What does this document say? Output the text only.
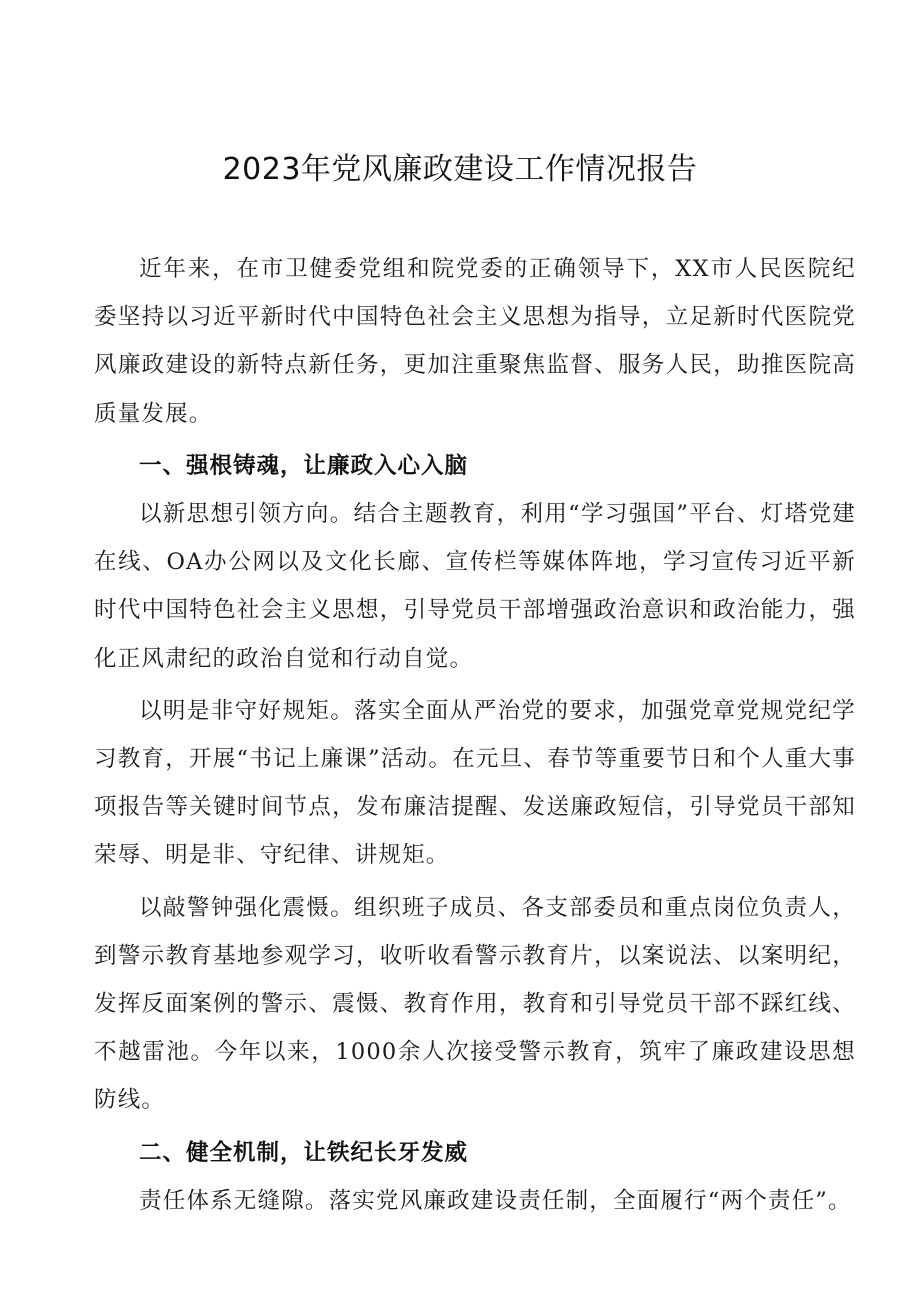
2023年党风廉政建设工作情况报告

近年来，在市卫健委党组和院党委的正确领导下，XX市人民医院纪委坚持以习近平新时代中国特色社会主义思想为指导，立足新时代医院党风廉政建设的新特点新任务，更加注重聚焦监督、服务人民，助推医院高质量发展。

一、强根铸魂，让廉政入心入脑

以新思想引领方向。结合主题教育，利用“学习强国”平台、灯塔党建在线、OA办公网以及文化长廊、宣传栏等媒体阵地，学习宣传习近平新时代中国特色社会主义思想，引导党员干部增强政治意识和政治能力，强化正风肃纪的政治自觉和行动自觉。

以明是非守好规矩。落实全面从严治党的要求，加强党章党规党纪学习教育，开展“书记上廉课”活动。在元旦、春节等重要节日和个人重大事项报告等关键时间节点，发布廉洁提醒、发送廉政短信，引导党员干部知荣辱、明是非、守纪律、讲规矩。

以敲警钟强化震慑。组织班子成员、各支部委员和重点岗位负责人，到警示教育基地参观学习，收听收看警示教育片，以案说法、以案明纪，发挥反面案例的警示、震慑、教育作用，教育和引导党员干部不踩红线、不越雷池。今年以来，1000余人次接受警示教育，筑牢了廉政建设思想防线。

二、健全机制，让铁纪长牙发威

责任体系无缝隙。落实党风廉政建设责任制，全面履行“两个责任”。
